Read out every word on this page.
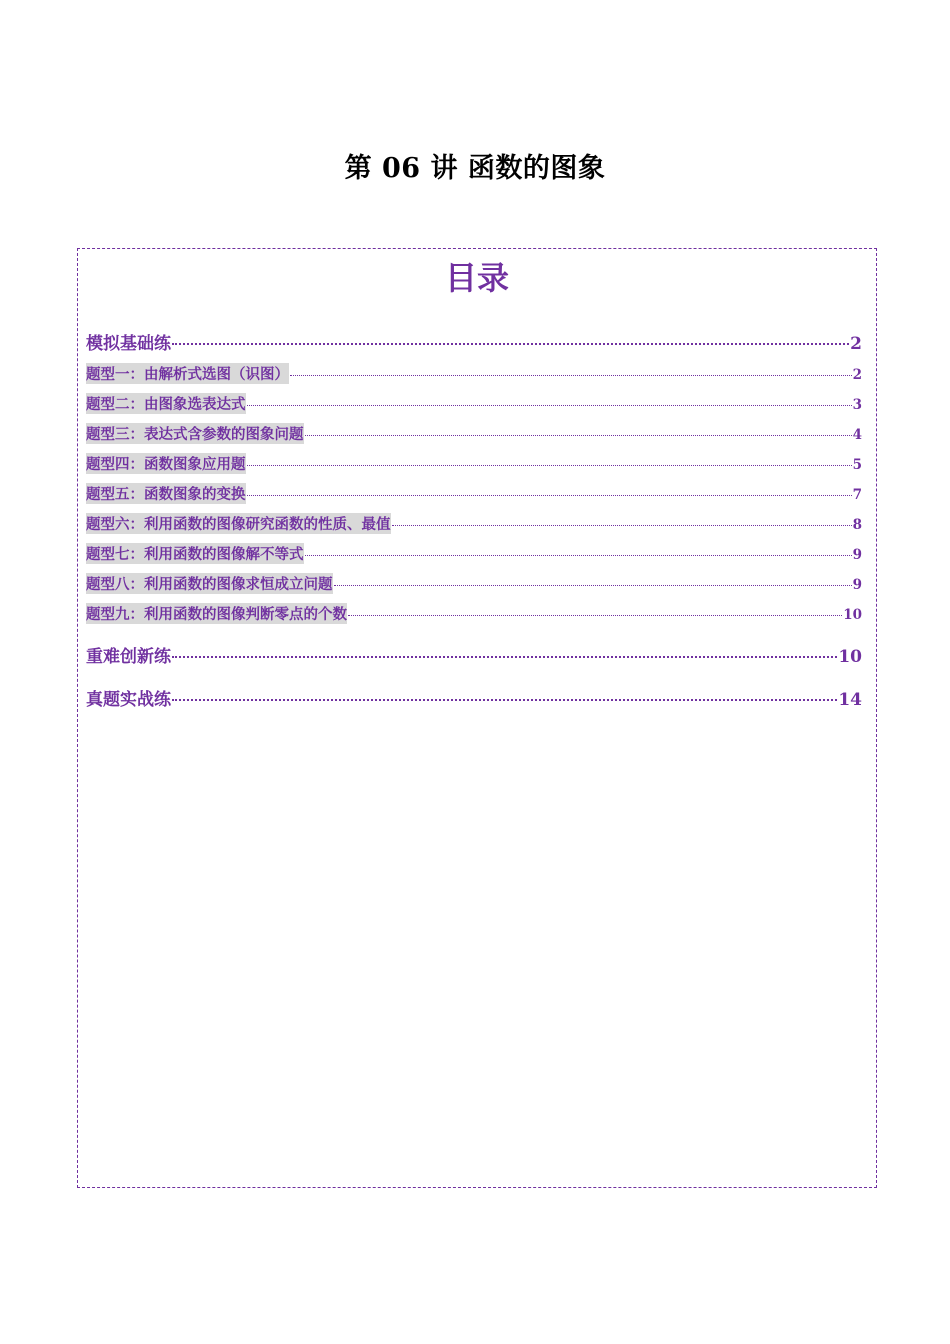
第 06 讲 函数的图象
目录
模拟基础练	2
题型一：由解析式选图（识图）	2
题型二：由图象选表达式	3
题型三：表达式含参数的图象问题	4
题型四：函数图象应用题	5
题型五：函数图象的变换	7
题型六：利用函数的图像研究函数的性质、最值	8
题型七：利用函数的图像解不等式	9
题型八：利用函数的图像求恒成立问题	9
题型九：利用函数的图像判断零点的个数	10
重难创新练	10
真题实战练	14
